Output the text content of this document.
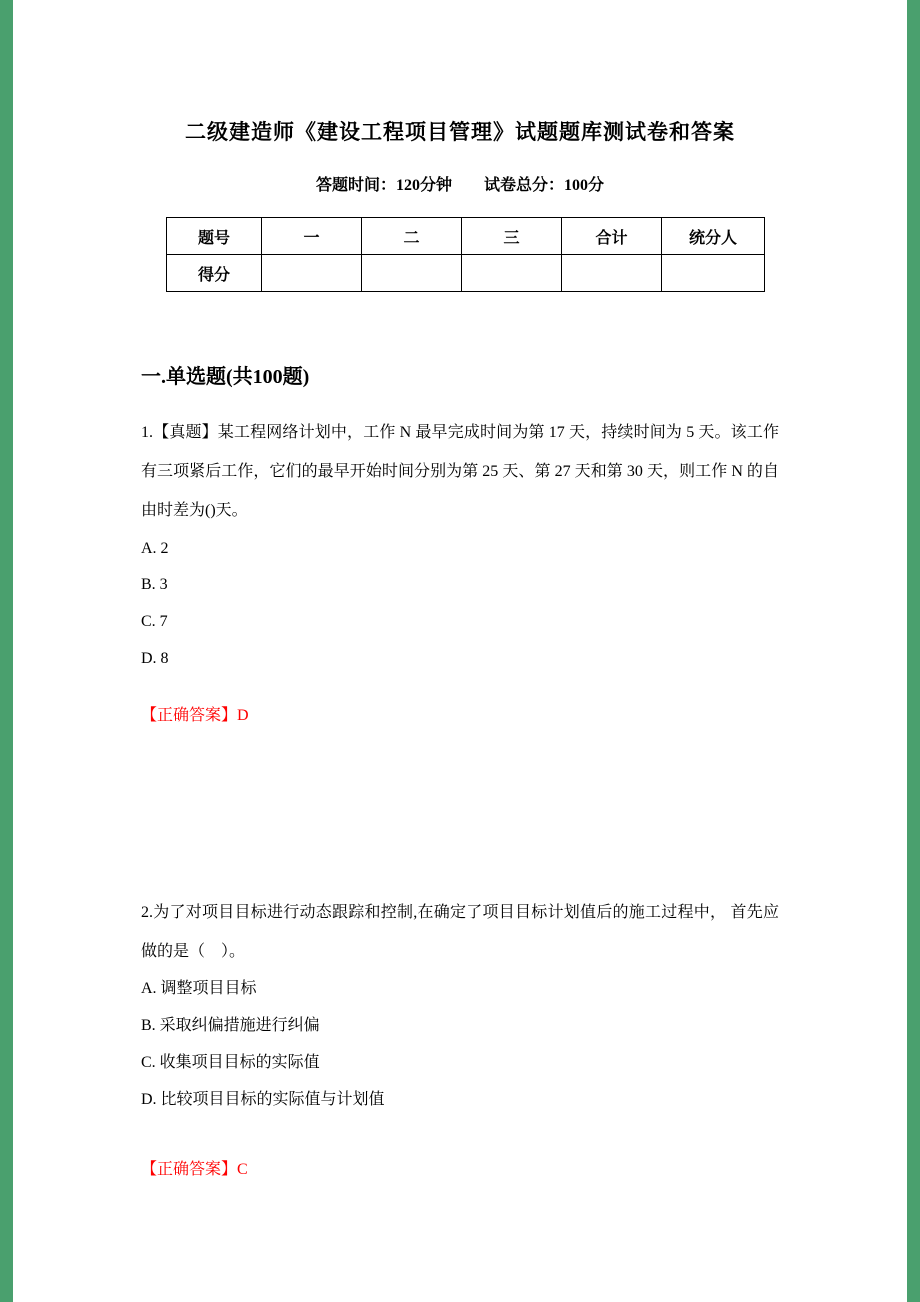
二级建造师《建设工程项目管理》试题题库测试卷和答案
答题时间：120分钟　　试卷总分：100分
题号	一	二	三	合计	统分人
得分					
一.单选题(共100题)

1.【真题】某工程网络计划中，工作 N 最早完成时间为第 17 天，持续时间为 5 天。该工作有三项紧后工作，它们的最早开始时间分别为第 25 天、第 27 天和第 30 天，则工作 N 的自由时差为()天。

A. 2
B. 3
C. 7
D. 8
【正确答案】D

2.为了对项目目标进行动态跟踪和控制,在确定了项目目标计划值后的施工过程中， 首先应做的是（　）。

A. 调整项目目标
B. 采取纠偏措施进行纠偏
C. 收集项目目标的实际值
D. 比较项目目标的实际值与计划值
【正确答案】C
